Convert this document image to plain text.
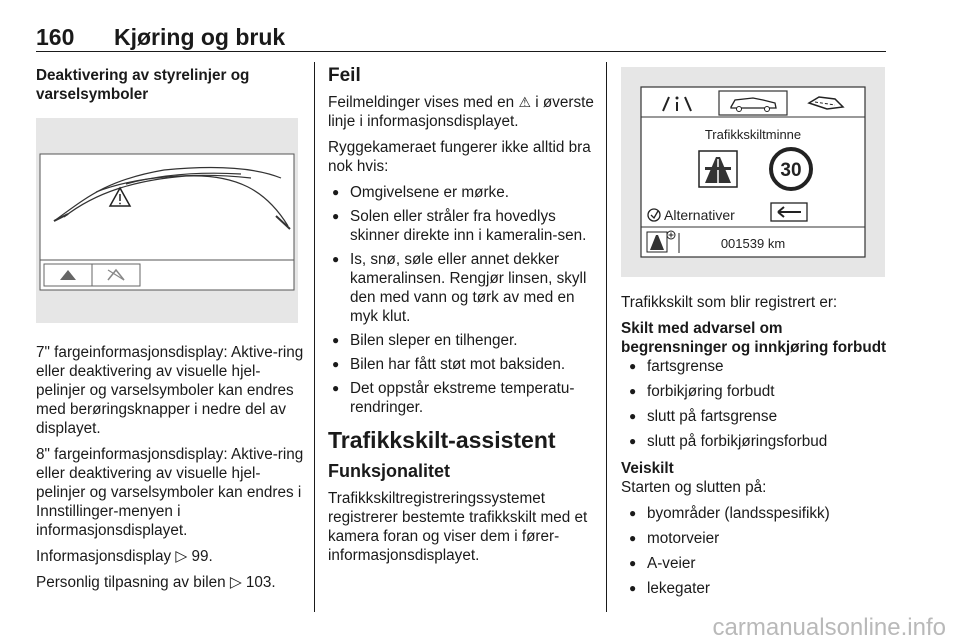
160 Kjøring og bruk
Deaktivering av styrelinjer og varselsymboler

7" fargeinformasjonsdisplay: Aktive-ring eller deaktivering av visuelle hjel-pelinjer og varselsymboler kan endres med berøringsknapper i nedre del av displayet.

8" fargeinformasjonsdisplay: Aktive-ring eller deaktivering av visuelle hjel-pelinjer og varselsymboler kan endres i Innstillinger-menyen i informasjonsdisplayet.

Informasjonsdisplay ▷ 99.

Personlig tilpasning av bilen ▷ 103.

Feil

Feilmeldinger vises med en ⚠ i øverste linje i informasjonsdisplayet.

Ryggekameraet fungerer ikke alltid bra nok hvis:

● Omgivelsene er mørke.
● Solen eller stråler fra hovedlys skinner direkte inn i kameralin-sen.
● Is, snø, søle eller annet dekker kameralinsen. Rengjør linsen, skyll den med vann og tørk av med en myk klut.
● Bilen sleper en tilhenger.
● Bilen har fått støt mot baksiden.
● Det oppstår ekstreme temperatu-rendringer.
Trafikkskilt-assistent
Funksjonalitet

Trafikkskiltregistreringssystemet registrerer bestemte trafikkskilt med et kamera foran og viser dem i fører-informasjonsdisplayet.

Trafikkskiltminne
30
Alternativer
001539 km

Trafikkskilt som blir registrert er:

Skilt med advarsel om begrensninger og innkjøring forbudt
● fartsgrense
● forbikjøring forbudt
● slutt på fartsgrense
● slutt på forbikjøringsforbud
Veiskilt

Starten og slutten på:

● byområder (landsspesifikk)
● motorveier
● A-veier
● lekegater
carmanualsonline.info
